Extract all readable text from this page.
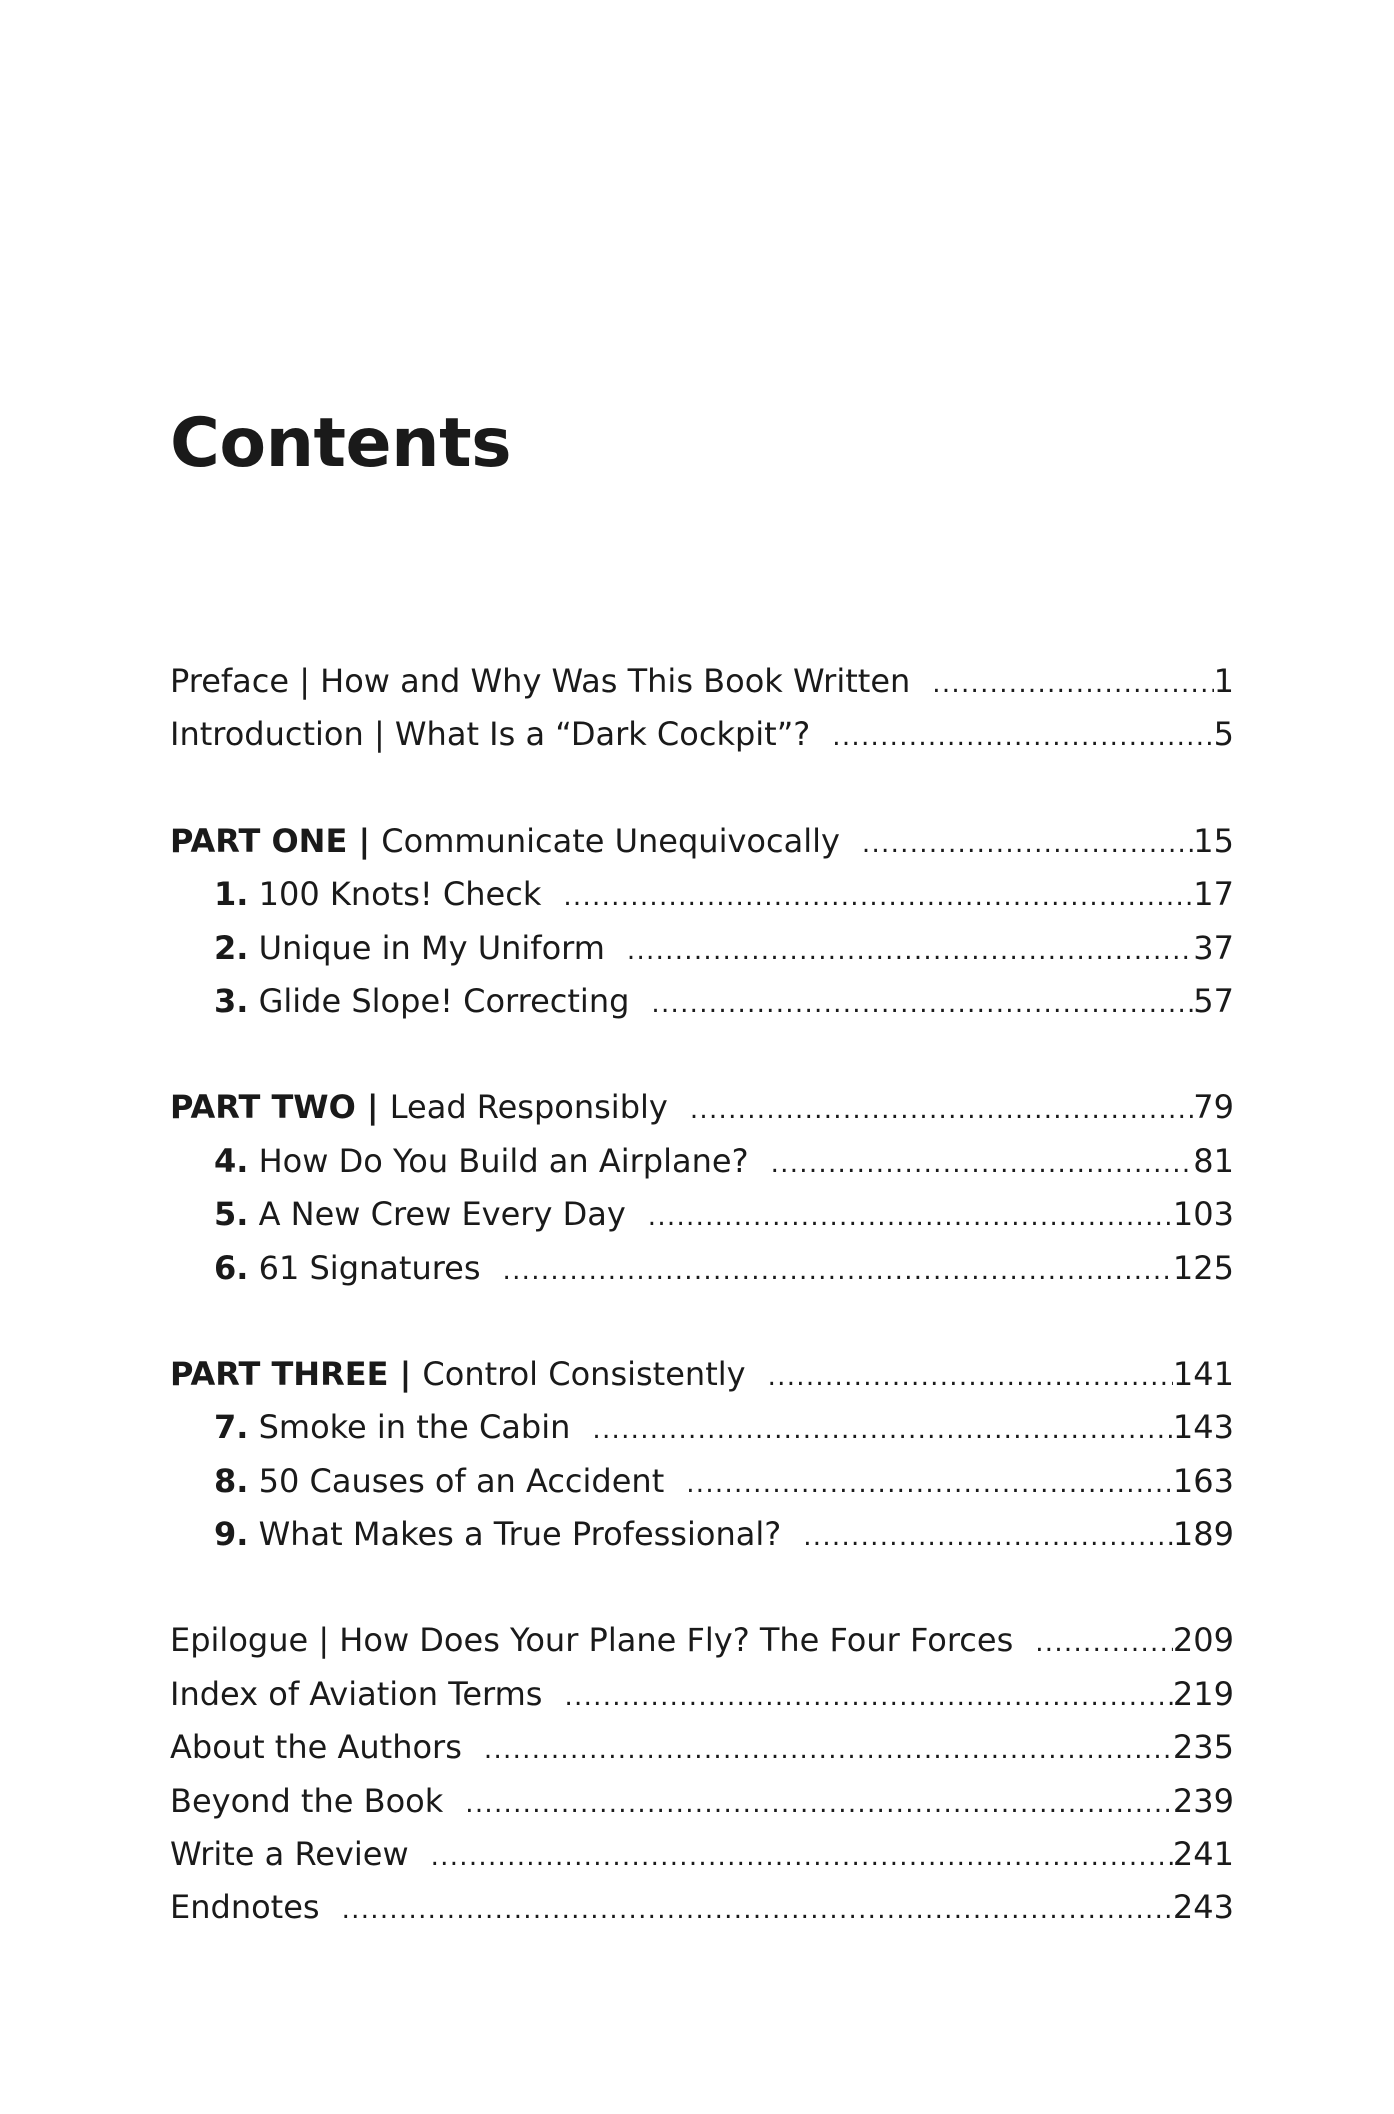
Contents
Preface | How and Why Was This Book Written .....	1
Introduction | What Is a “Dark Cockpit”? .....	5
PART ONE | Communicate Unequivocally .....	15
1. 100 Knots! Check .....	17
2. Unique in My Uniform .....	37
3. Glide Slope! Correcting .....	57
PART TWO | Lead Responsibly .....	79
4. How Do You Build an Airplane? .....	81
5. A New Crew Every Day .....	103
6. 61 Signatures .....	125
PART THREE | Control Consistently .....	141
7. Smoke in the Cabin .....	143
8. 50 Causes of an Accident .....	163
9. What Makes a True Professional? .....	189
Epilogue | How Does Your Plane Fly? The Four Forces .....	209
Index of Aviation Terms .....	219
About the Authors .....	235
Beyond the Book .....	239
Write a Review .....	241
Endnotes .....	243
